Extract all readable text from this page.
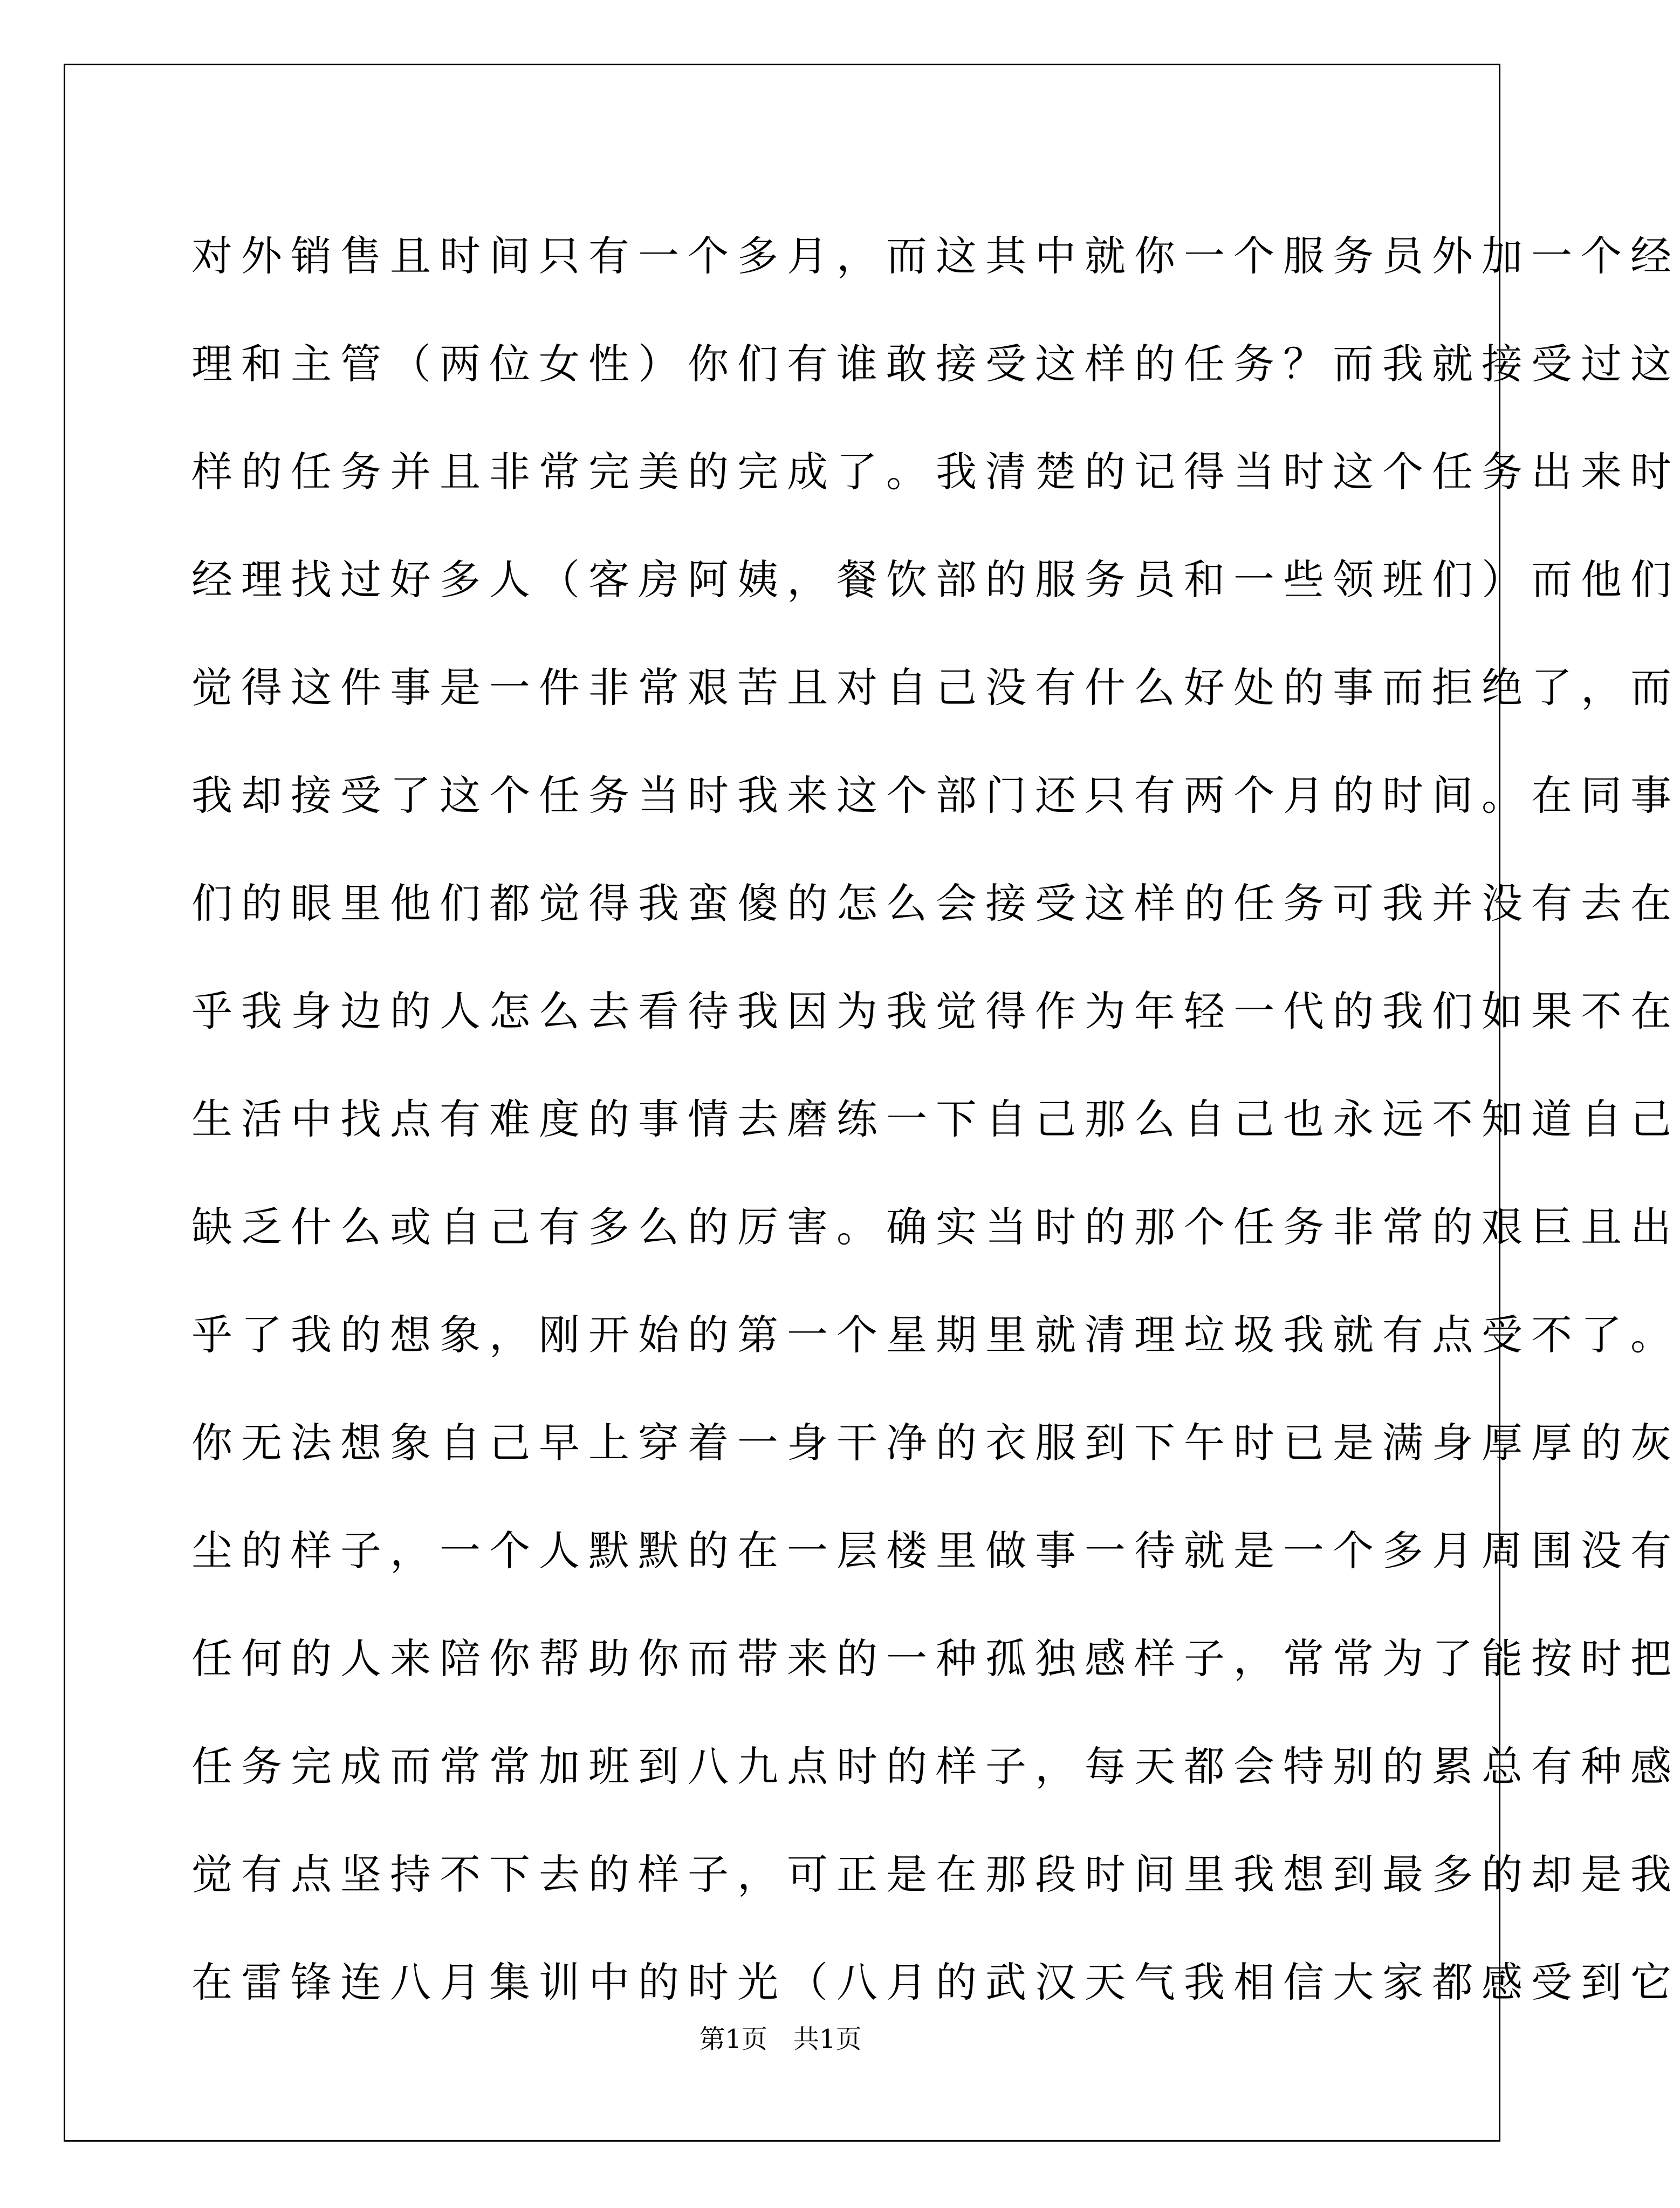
对外销售且时间只有一个多月，而这其中就你一个服务员外加一个经
理和主管（两位女性）你们有谁敢接受这样的任务？而我就接受过这
样的任务并且非常完美的完成了。我清楚的记得当时这个任务出来时
经理找过好多人（客房阿姨，餐饮部的服务员和一些领班们）而他们
觉得这件事是一件非常艰苦且对自己没有什么好处的事而拒绝了，而
我却接受了这个任务当时我来这个部门还只有两个月的时间。在同事
们的眼里他们都觉得我蛮傻的怎么会接受这样的任务可我并没有去在
乎我身边的人怎么去看待我因为我觉得作为年轻一代的我们如果不在
生活中找点有难度的事情去磨练一下自己那么自己也永远不知道自己
缺乏什么或自己有多么的厉害。确实当时的那个任务非常的艰巨且出
乎了我的想象，刚开始的第一个星期里就清理垃圾我就有点受不了。
你无法想象自己早上穿着一身干净的衣服到下午时已是满身厚厚的灰
尘的样子，一个人默默的在一层楼里做事一待就是一个多月周围没有
任何的人来陪你帮助你而带来的一种孤独感样子，常常为了能按时把
任务完成而常常加班到八九点时的样子，每天都会特别的累总有种感
觉有点坚持不下去的样子，可正是在那段时间里我想到最多的却是我
在雷锋连八月集训中的时光（八月的武汉天气我相信大家都感受到它
第1页　共1页
